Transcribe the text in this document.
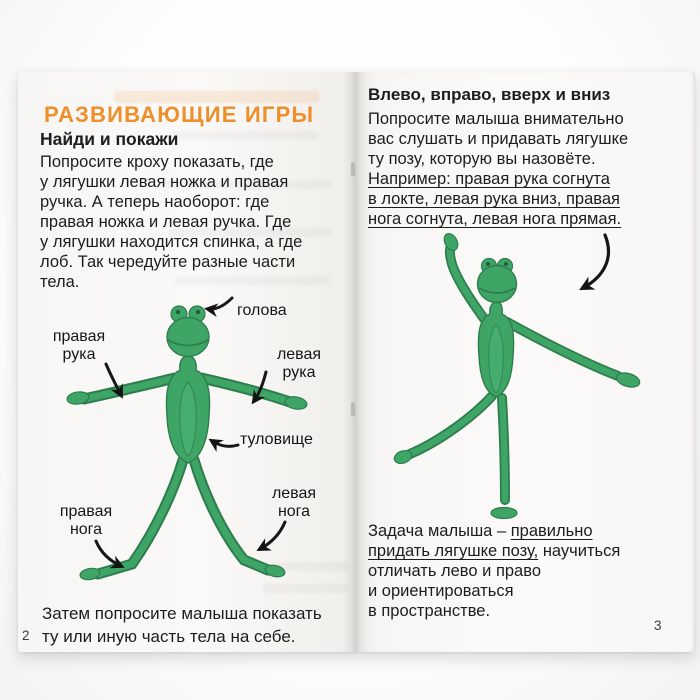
РАЗВИВАЮЩИЕ ИГРЫ
Найди и покажи
Попросите кроху показать, где
у лягушки левая ножка и правая
ручка. А теперь наоборот: где
правая ножка и левая ручка. Где
у лягушки находится спинка, а где
лоб. Так чередуйте разные части
тела.
голова
правая
рука	левая
рука
туловище
правая
нога
левая
нога
Затем попросите малыша показать
ту или иную часть тела на себе.
2
Влево, вправо, вверх и вниз
Попросите малыша внимательно
вас слушать и придавать лягушке
ту позу, которую вы назовёте.
Например: правая рука согнута
в локте, левая рука вниз, правая
нога согнута, левая нога прямая.
Задача малыша – правильно
придать лягушке позу, научиться
отличать лево и право
и ориентироваться
в пространстве.
3
